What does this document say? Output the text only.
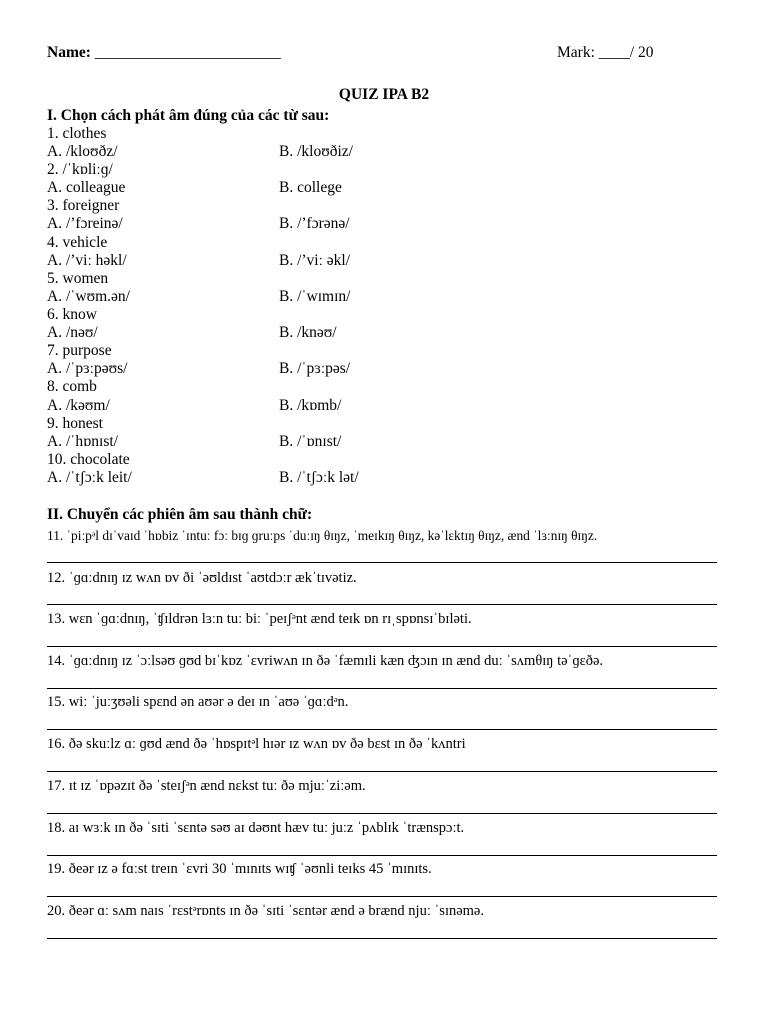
Name: ________________________	Mark: ____/ 20
QUIZ IPA B2
I. Chọn cách phát âm đúng của các từ sau:
1. clothes
A. /kloʊðz/	B. /kloʊðiz/
2. /ˈkɒliːɡ/
A. colleague	B. college
3. foreigner
A. /’fɔreinə/	B. /’fɔrənə/
4. vehicle
A. /’viː həkl/	B. /’viː əkl/
5. women
A. /ˈwʊm.ən/	B. /ˈwɪmɪn/
6. know
A. /nəʊ/	B. /knəʊ/
7. purpose
A. /ˈpɜːpəʊs/	B. /ˈpɜːpəs/
8. comb
A. /kəʊm/	B. /kɒmb/
9. honest
A. /ˈhɒnɪst/	B. /ˈɒnɪst/
10. chocolate
A. /ˈtʃɔːk leit/	B. /ˈtʃɔːk lət/
II. Chuyển các phiên âm sau thành chữ:
11. ˈpiːpᵊl dɪˈvaɪd ˈhɒbiz ˈɪntuː fɔː bɪɡ ɡruːps ˈduːɪŋ θɪŋz, ˈmeɪkɪŋ θɪŋz, kəˈlɛktɪŋ θɪŋz, ænd ˈlɜːnɪŋ θɪŋz.
12. ˈɡɑːdnɪŋ ɪz wʌn ɒv ði ˈəʊldɪst ˈaʊtdɔːr ækˈtɪvətiz.
13. wɛn ˈɡɑːdnɪŋ, ˈʧɪldrən lɜːn tuː biː ˈpeɪʃᵊnt ænd teɪk ɒn rɪˌspɒnsɪˈbɪləti.
14. ˈɡɑːdnɪŋ ɪz ˈɔːlsəʊ ɡʊd bɪˈkɒz ˈɛvriwʌn ɪn ðə ˈfæmɪli kæn ʤɔɪn ɪn ænd duː ˈsʌmθɪŋ təˈɡɛðə.
15. wiː ˈjuːʒʊəli spɛnd ən aʊər ə deɪ ɪn ˈaʊə ˈɡɑːdᵊn.
16. ðə skuːlz ɑː ɡʊd ænd ðə ˈhɒspɪtᵊl hɪər ɪz wʌn ɒv ðə bɛst ɪn ðə ˈkʌntri
17. ɪt ɪz ˈɒpəzɪt ðə ˈsteɪʃᵊn ænd nɛkst tuː ðə mjuːˈziːəm.
18. aɪ wɜːk ɪn ðə ˈsɪti ˈsɛntə səʊ aɪ dəʊnt hæv tuː juːz ˈpʌblɪk ˈtrænspɔːt.
19. ðeər ɪz ə fɑːst treɪn ˈɛvri 30 ˈmɪnɪts wɪʧ ˈəʊnli teɪks 45 ˈmɪnɪts.
20. ðeər ɑː sʌm naɪs ˈrɛstᵊrɒnts ɪn ðə ˈsɪti ˈsɛntər ænd ə brænd njuː ˈsɪnəmə.
